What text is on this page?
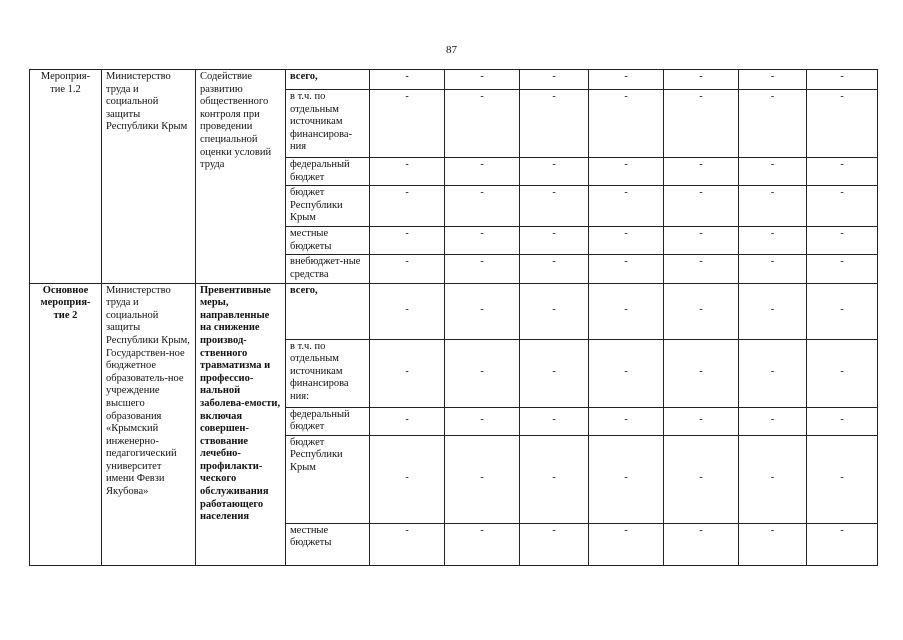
87
Мероприя-тие 1.2	Министерство труда и социальной защиты Республики Крым	Содействие развитию общественного контроля при проведении специальной оценки условий труда	всего,	-	-	-	-	-	-	-
			в т.ч. по отдельным источникам финансирова-ния	-	-	-	-	-	-	-
			федеральный бюджет	-	-	-	-	-	-	-
			бюджет Республики Крым	-	-	-	-	-	-	-
			местные бюджеты	-	-	-	-	-	-	-
			внебюджет-ные средства	-	-	-	-	-	-	-
Основное мероприя-тие 2	Министерство труда и социальной защиты Республики Крым, Государствен-ное бюджетное образователь-ное учреждение высшего образования «Крымский инженерно-педагогический университет имени Февзи Якубова»	Превентивные меры, направленные на снижение производ-ственного травматизма и профессио-нальной заболева-емости, включая совершен-ствование лечебно-профилакти-ческого обслуживания работающего населения	всего,	-	-	-	-	-	-	-
			в т.ч. по отдельным источникам финансирова ния:	-	-	-	-	-	-	-
			федеральный бюджет	-	-	-	-	-	-	-
			бюджет Республики Крым	-	-	-	-	-	-	-
			местные бюджеты	-	-	-	-	-	-	-
